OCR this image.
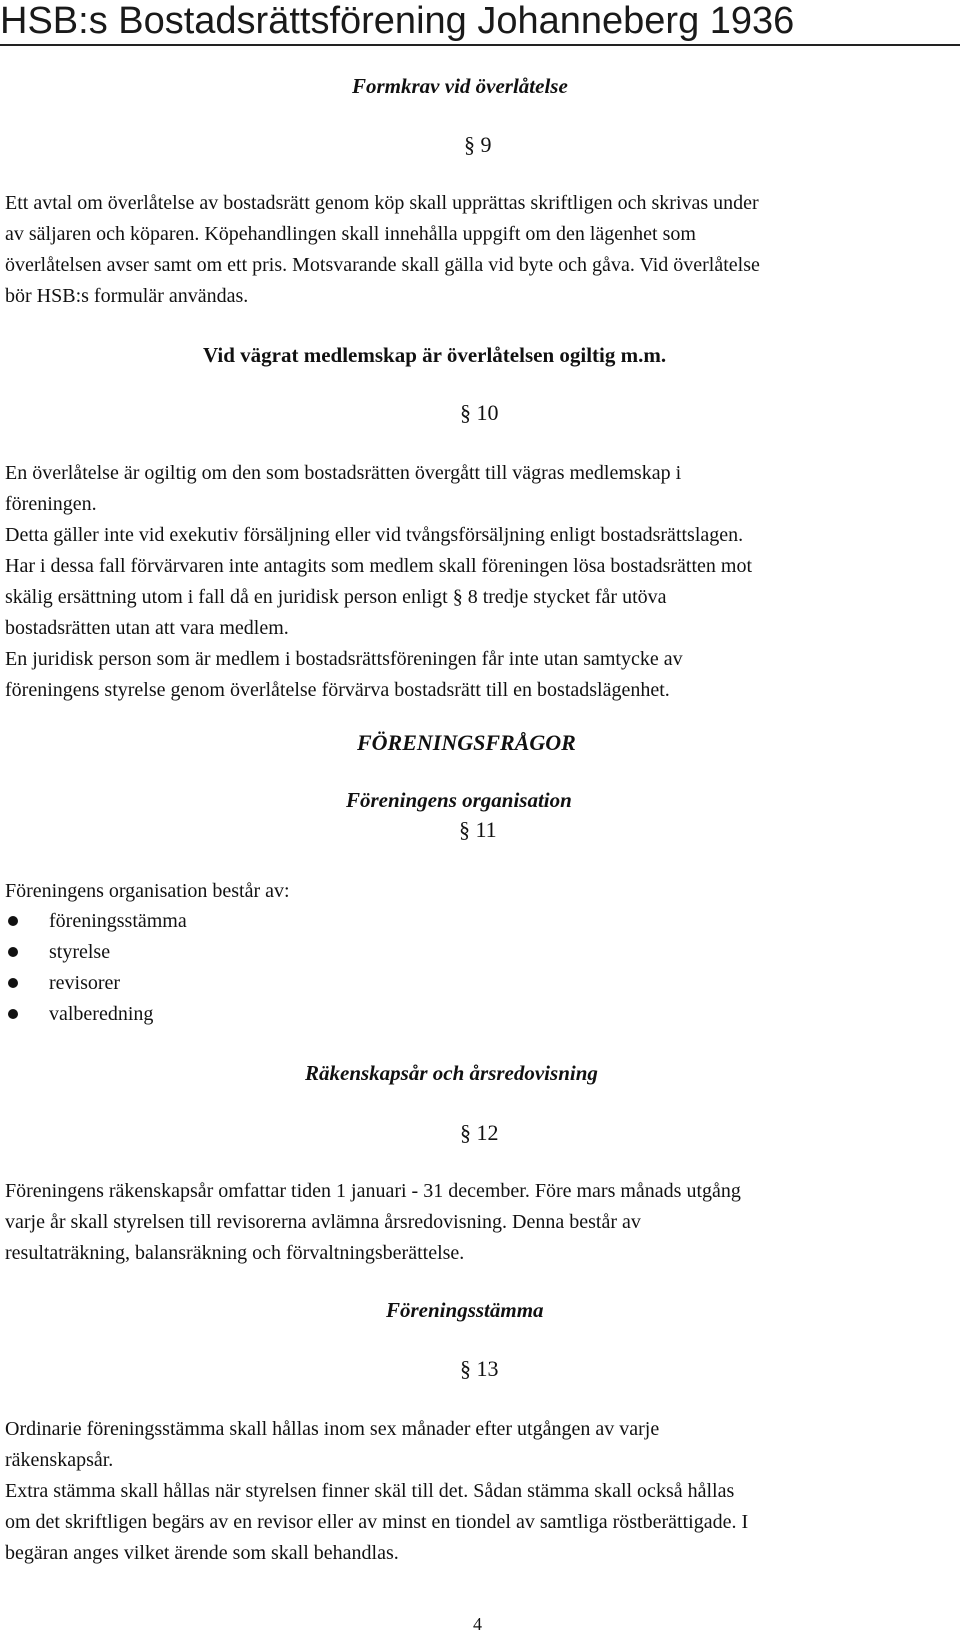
HSB:s Bostadsrättsförening Johanneberg 1936
Formkrav vid överlåtelse
§ 9
Ett avtal om överlåtelse av bostadsrätt genom köp skall upprättas skriftligen och skrivas under
av säljaren och köparen. Köpehandlingen skall innehålla uppgift om den lägenhet som
överlåtelsen avser samt om ett pris. Motsvarande skall gälla vid byte och gåva. Vid överlåtelse
bör HSB:s formulär användas.
Vid vägrat medlemskap är överlåtelsen ogiltig m.m.
§ 10
En överlåtelse är ogiltig om den som bostadsrätten övergått till vägras medlemskap i
föreningen.
Detta gäller inte vid exekutiv försäljning eller vid tvångsförsäljning enligt bostadsrättslagen.
Har i dessa fall förvärvaren inte antagits som medlem skall föreningen lösa bostadsrätten mot
skälig ersättning utom i fall då en juridisk person enligt § 8 tredje stycket får utöva
bostadsrätten utan att vara medlem.
En juridisk person som är medlem i bostadsrättsföreningen får inte utan samtycke av
föreningens styrelse genom överlåtelse förvärva bostadsrätt till en bostadslägenhet.
FÖRENINGSFRÅGOR
Föreningens organisation
§ 11
Föreningens organisation består av:
föreningsstämma
styrelse
revisorer
valberedning
Räkenskapsår och årsredovisning
§ 12
Föreningens räkenskapsår omfattar tiden 1 januari - 31 december. Före mars månads utgång
varje år skall styrelsen till revisorerna avlämna årsredovisning. Denna består av
resultaträkning, balansräkning och förvaltningsberättelse.
Föreningsstämma
§ 13
Ordinarie föreningsstämma skall hållas inom sex månader efter utgången av varje
räkenskapsår.
Extra stämma skall hållas när styrelsen finner skäl till det. Sådan stämma skall också hållas
om det skriftligen begärs av en revisor eller av minst en tiondel av samtliga röstberättigade. I
begäran anges vilket ärende som skall behandlas.
4
